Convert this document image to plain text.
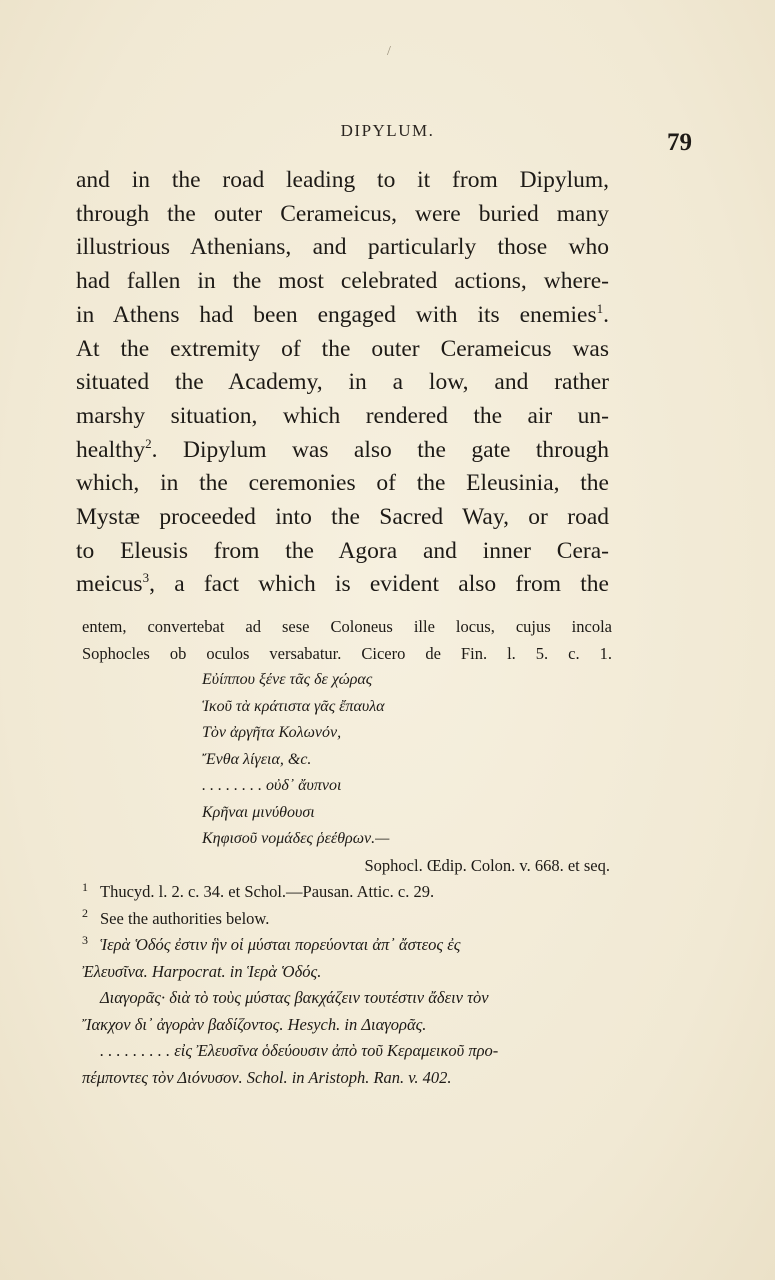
/
DIPYLUM.	79
and in the road leading to it from Dipylum,
through the outer Cerameicus, were buried many
illustrious Athenians, and particularly those who
had fallen in the most celebrated actions, where-
in Athens had been engaged with its enemies$^1$.
At the extremity of the outer Cerameicus was
situated the Academy, in a low, and rather
marshy situation, which rendered the air un-
healthy$^2$. Dipylum was also the gate through
which, in the ceremonies of the Eleusinia, the
Mystæ proceeded into the Sacred Way, or road
to Eleusis from the Agora and inner Cera-
meicus$^3$, a fact which is evident also from the
entem, convertebat ad sese Coloneus ille locus, cujus incola
Sophocles ob oculos versabatur. Cicero de Fin. l. 5. c. 1.
Εὐίππου ξένε τᾶς δε χώρας
Ἱκοῦ τὰ κράτιστα γᾶς ἔπαυλα
Τὸν ἀργῆτα Κολωνόν,
Ἔνθα λίγεια, &c.
. . . . . . . . οὐδ᾽ ἄυπνοι
Κρῆναι μινύθουσι
Κηφισοῦ νομάδες ῥεέθρων.—
Sophocl. Œdip. Colon. v. 668. et seq.
1 Thucyd. l. 2. c. 34. et Schol.—Pausan. Attic. c. 29.
2 See the authorities below.
3 Ἱερὰ Ὁδός ἐστιν ἣν οἱ μύσται πορεύονται ἀπ᾽ ἄστεος ἐς
Ἐλευσῖνα. Harpocrat. in Ἱερὰ Ὁδός.
Διαγορᾶς· διὰ τὸ τοὺς μύστας βακχάζειν τουτέστιν ἄδειν τὸν
Ἴακχον δι᾽ ἀγορὰν βαδίζοντος. Hesych. in Διαγορᾶς.
. . . . . . . . . εἰς Ἐλευσῖνα ὁδεύουσιν ἀπὸ τοῦ Κεραμεικοῦ προ-
πέμποντες τὸν Διόνυσον. Schol. in Aristoph. Ran. v. 402.
